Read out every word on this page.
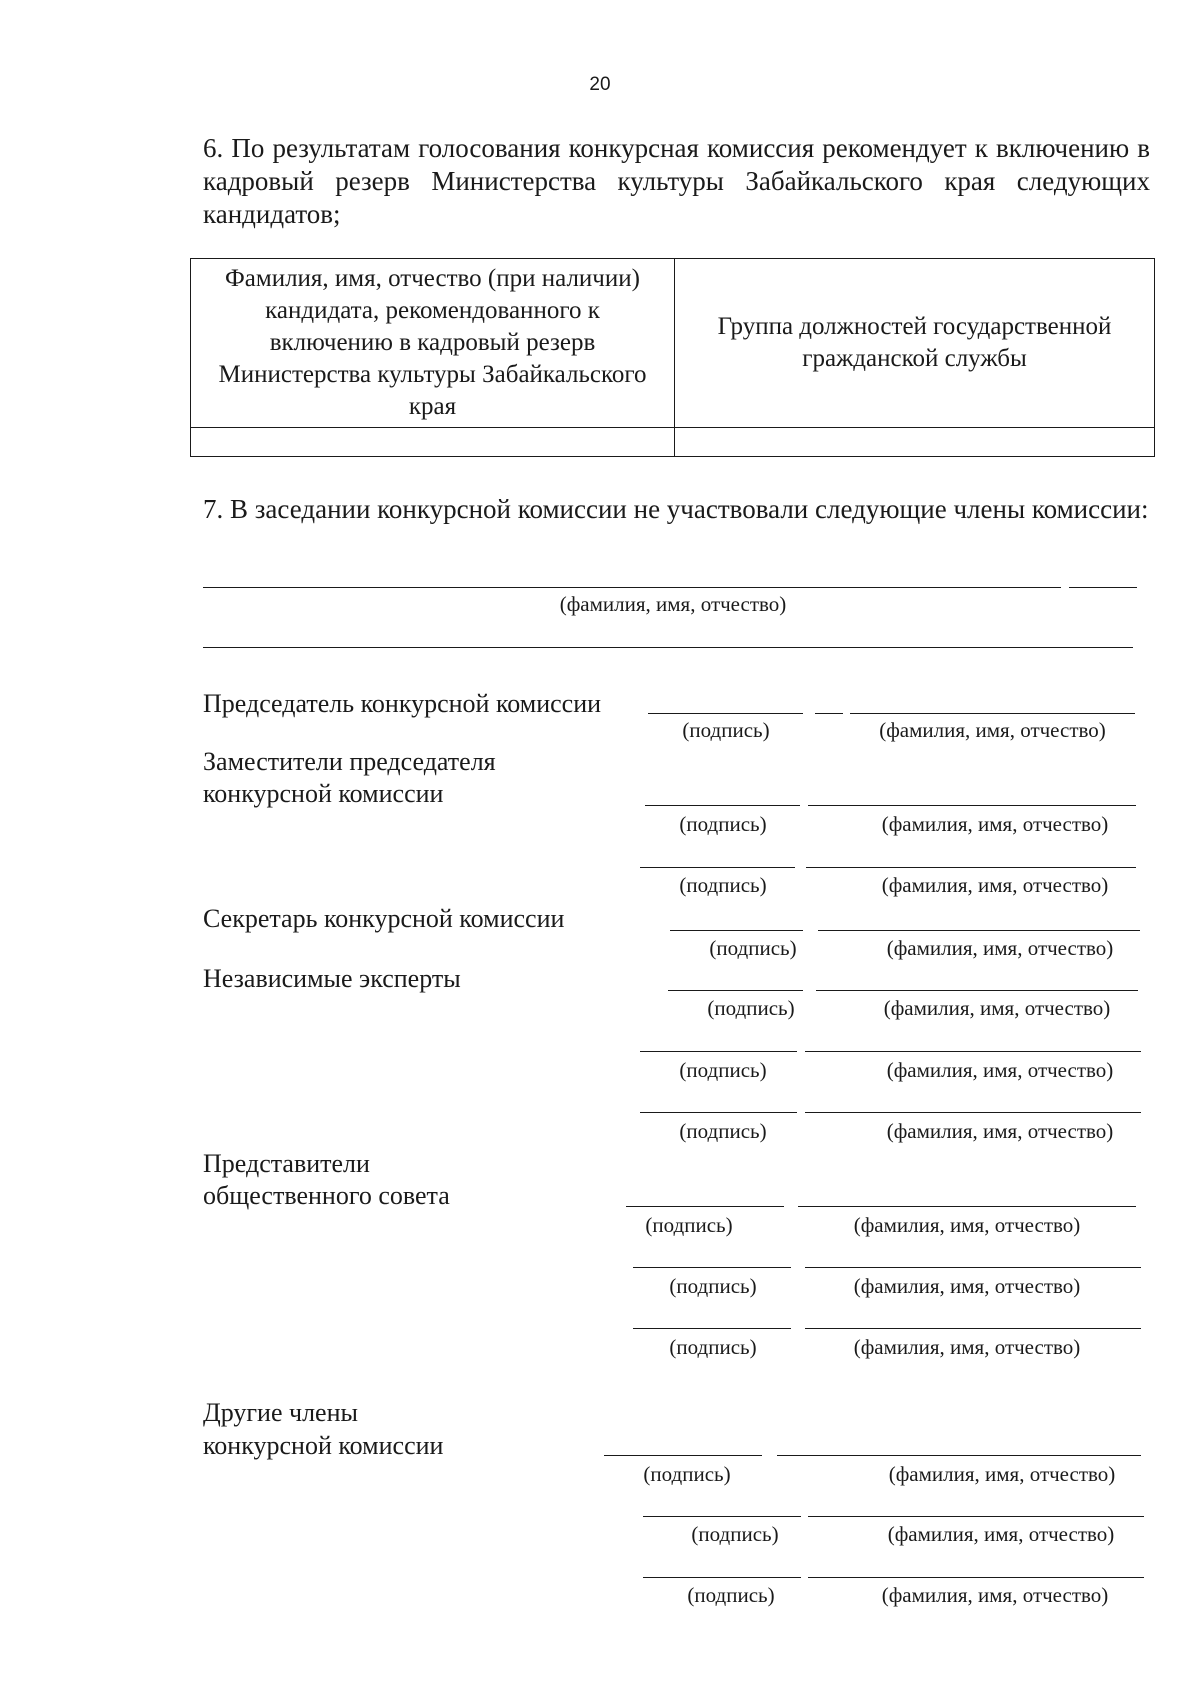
20
6. По результатам голосования конкурсная комиссия рекомендует к включению в кадровый резерв Министерства культуры Забайкальского края следующих кандидатов;
Фамилия, имя, отчество (при наличии) кандидата, рекомендованного к включению в кадровый резерв Министерства культуры Забайкальского края	Группа должностей государственной гражданской службы

7. В заседании конкурсной комиссии не участвовали следующие члены комиссии:
(фамилия, имя, отчество)
Председатель конкурсной комиссии
(подпись)	(фамилия, имя, отчество)
Заместители председателя
конкурсной комиссии
(подпись)	(фамилия, имя, отчество)
(подпись)	(фамилия, имя, отчество)
Секретарь конкурсной комиссии
(подпись)	(фамилия, имя, отчество)
Независимые эксперты
(подпись)	(фамилия, имя, отчество)
(подпись)	(фамилия, имя, отчество)
(подпись)	(фамилия, имя, отчество)
Представители
общественного совета
(подпись)	(фамилия, имя, отчество)
(подпись)	(фамилия, имя, отчество)
(подпись)	(фамилия, имя, отчество)
Другие члены
конкурсной комиссии
(подпись)	(фамилия, имя, отчество)
(подпись)	(фамилия, имя, отчество)
(подпись)	(фамилия, имя, отчество)
